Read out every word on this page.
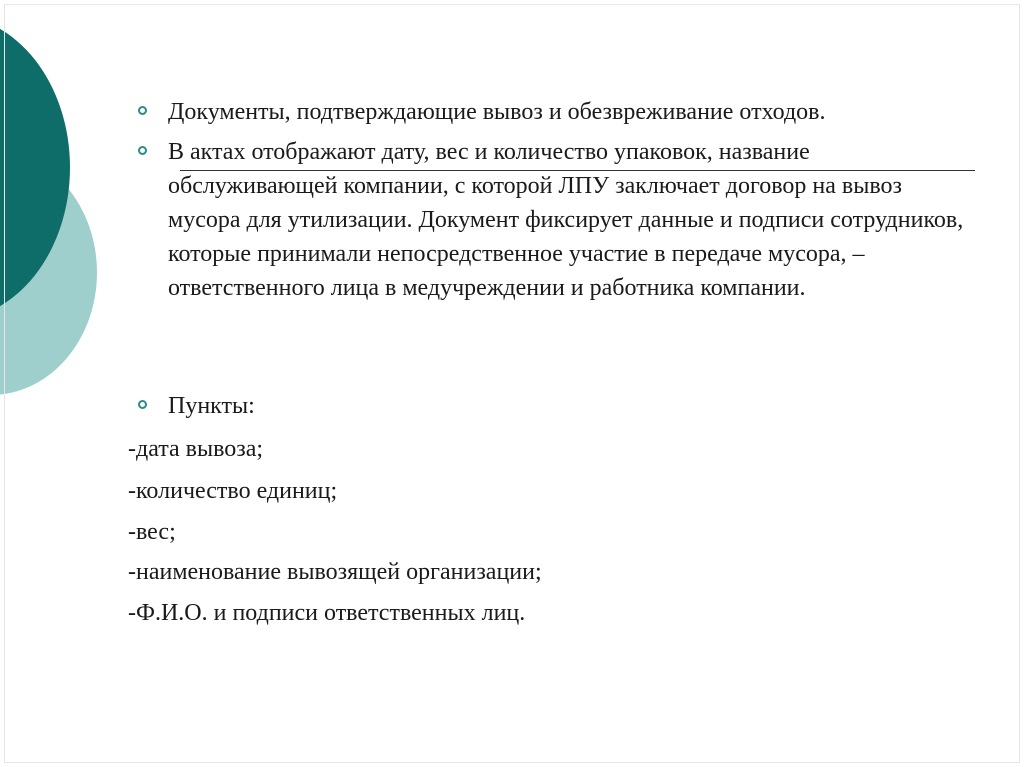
Документы, подтверждающие вывоз и обезвреживание отходов.
В актах отображают дату, вес и количество упаковок, название обслуживающей компании, с которой ЛПУ заключает договор на вывоз мусора для утилизации. Документ фиксирует данные и подписи сотрудников, которые принимали непосредственное участие в передаче мусора, – ответственного лица в медучреждении и работника компании.
Пункты:
-дата вывоза;
-количество единиц;
-вес;
-наименование вывозящей организации;
-Ф.И.О. и подписи ответственных лиц.
